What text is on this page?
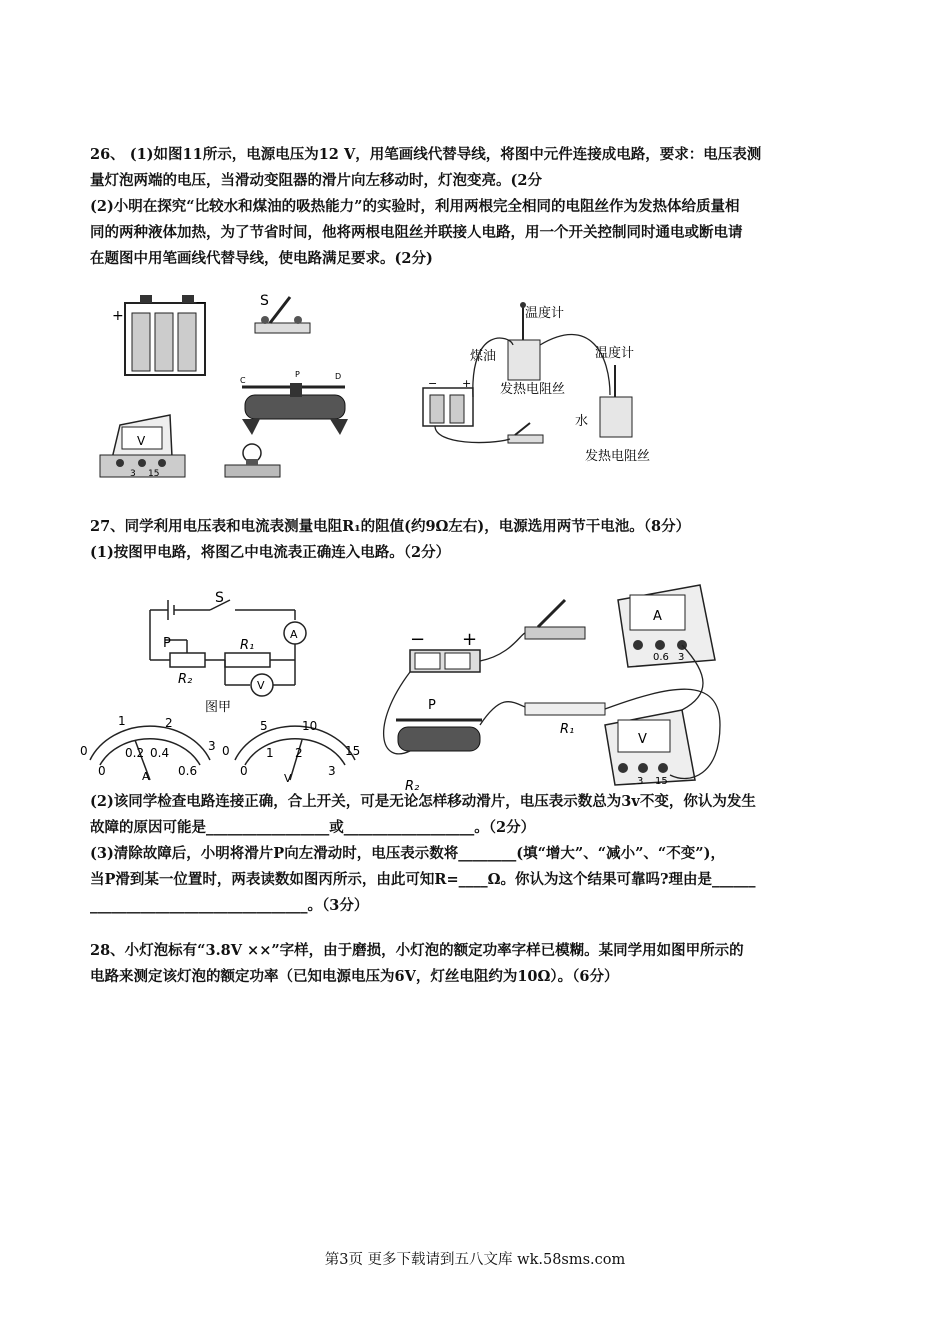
26、 (1)如图11所示，电源电压为12 V，用笔画线代替导线，将图中元件连接成电路，要求：电压表测
量灯泡两端的电压，当滑动变阻器的滑片向左移动时，灯泡变亮。(2分
(2)小明在探究“比较水和煤油的吸热能力”的实验时，利用两根完全相同的电阻丝作为发热体给质量相
同的两种液体加热，为了节省时间，他将两根电阻丝并联接人电路，用一个开关控制同时通电或断电请
在题图中用笔画线代替导线，使电路满足要求。(2分)
+
−	S
C
P	D
V
3 15
温度计
煤油
发热电阻丝
温度计
水
发热电阻丝
− +
27、同学利用电压表和电流表测量电阻R₁的阻值(约9Ω左右)，电源选用两节干电池。（8分）
(1)按图甲电路，将图乙中电流表正确连入电路。（2分）
S
P	R₁
R₂
A
V
图甲
1	2
0	3
0
0.2 0.4
0.6
A
5	10
0	15
0
1 2
3
V
− +
A
0.6 3
P
R₂
R₁
V
3 15
(2)该同学检查电路连接正确，合上开关，可是无论怎样移动滑片，电压表示数总为3v不变，你认为发生
故障的原因可能是_________________或__________________。（2分）
(3)清除故障后，小明将滑片P向左滑动时，电压表示数将________(填“增大”、“减小”、“不变”)，
当P滑到某一位置时，两表读数如图丙所示，由此可知R=____Ω。你认为这个结果可靠吗?理由是______
______________________________。（3分）
28、小灯泡标有“3.8V ××”字样，由于磨损，小灯泡的额定功率字样已模糊。某同学用如图甲所示的
电路来测定该灯泡的额定功率（已知电源电压为6V，灯丝电阻约为10Ω）。（6分）
第3页 更多下载请到五八文库 wk.58sms.com
